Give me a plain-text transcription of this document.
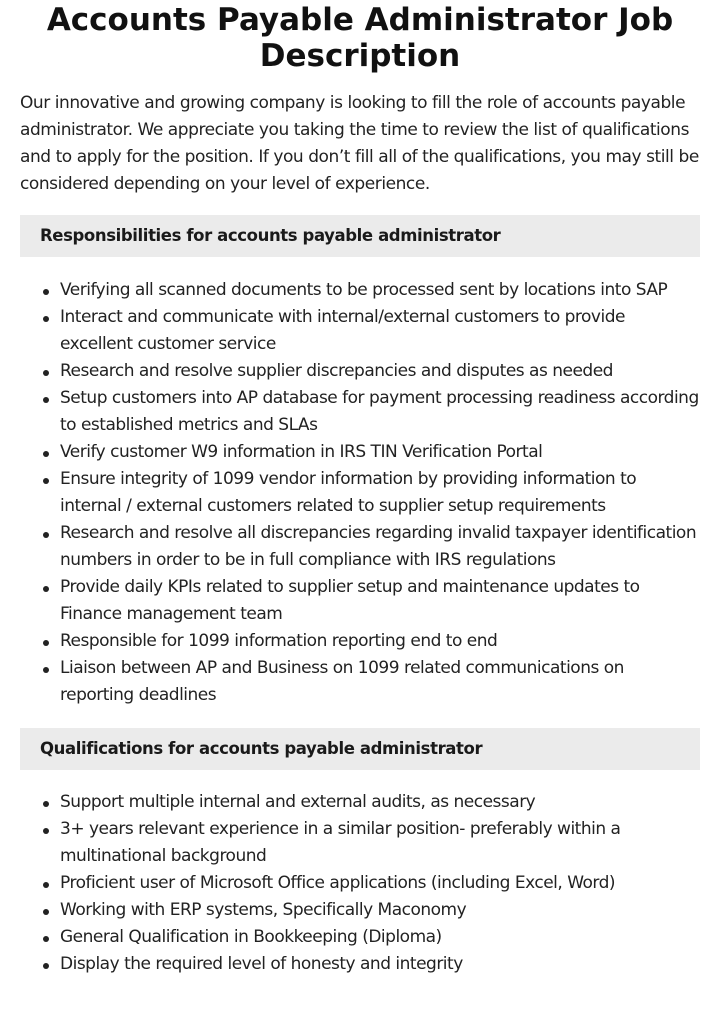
Accounts Payable Administrator Job Description

Our innovative and growing company is looking to fill the role of accounts payable administrator. We appreciate you taking the time to review the list of qualifications and to apply for the position. If you don’t fill all of the qualifications, you may still be considered depending on your level of experience.

Responsibilities for accounts payable administrator
Verifying all scanned documents to be processed sent by locations into SAP
Interact and communicate with internal/external customers to provide excellent customer service
Research and resolve supplier discrepancies and disputes as needed
Setup customers into AP database for payment processing readiness according to established metrics and SLAs
Verify customer W9 information in IRS TIN Verification Portal
Ensure integrity of 1099 vendor information by providing information to internal / external customers related to supplier setup requirements
Research and resolve all discrepancies regarding invalid taxpayer identification numbers in order to be in full compliance with IRS regulations
Provide daily KPIs related to supplier setup and maintenance updates to Finance management team
Responsible for 1099 information reporting end to end
Liaison between AP and Business on 1099 related communications on reporting deadlines
Qualifications for accounts payable administrator
Support multiple internal and external audits, as necessary
3+ years relevant experience in a similar position- preferably within a multinational background
Proficient user of Microsoft Office applications (including Excel, Word)
Working with ERP systems, Specifically Maconomy
General Qualification in Bookkeeping (Diploma)
Display the required level of honesty and integrity
